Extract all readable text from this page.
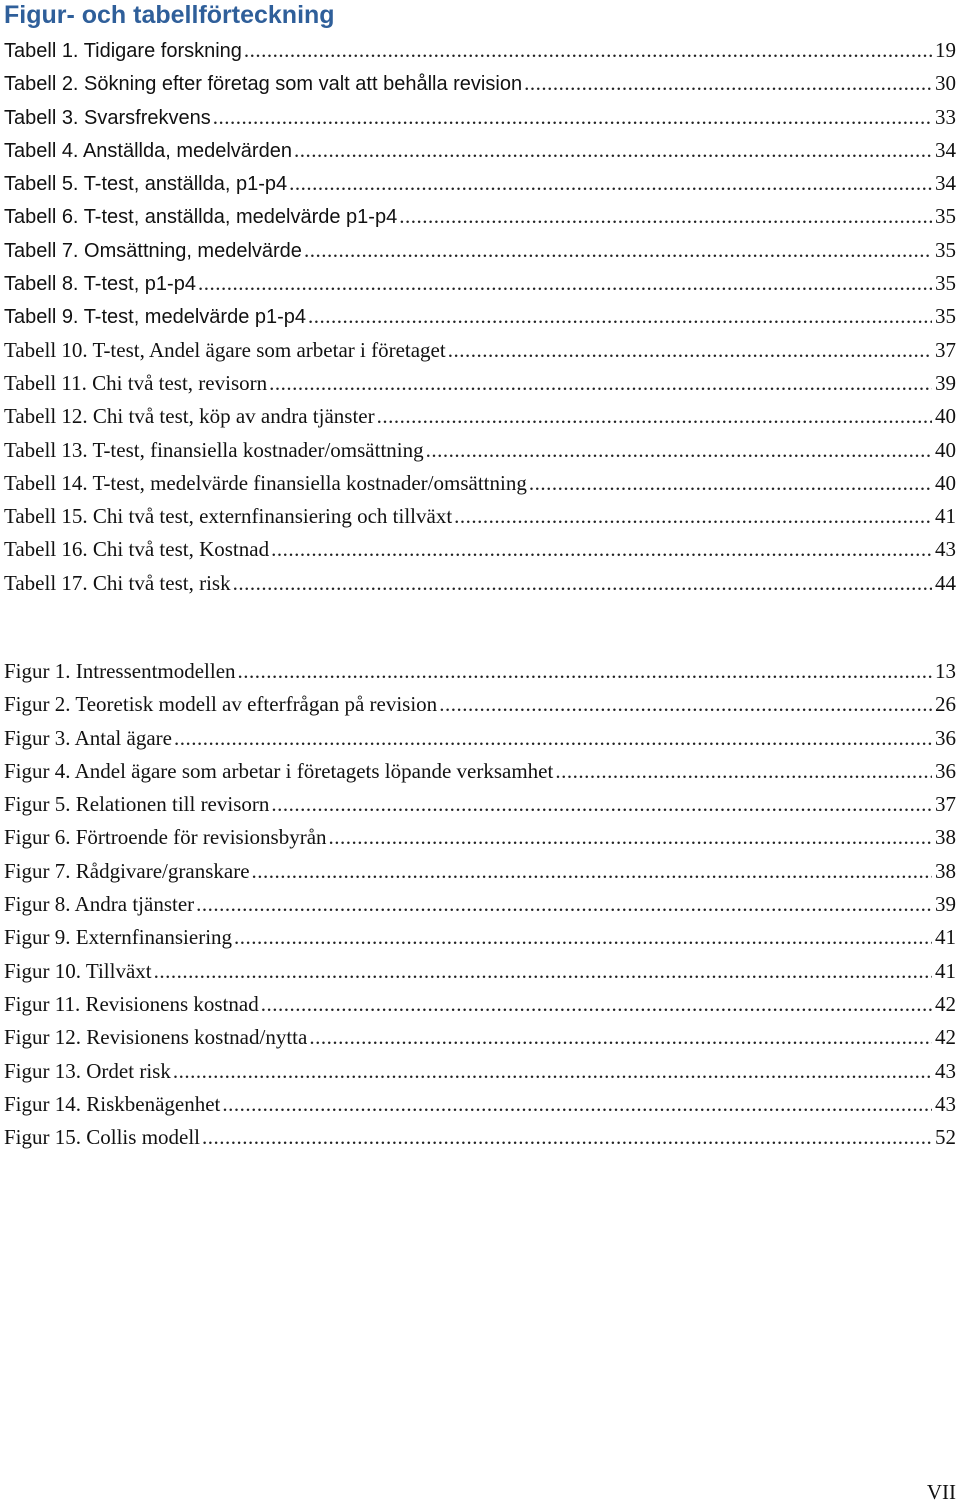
Figur- och tabellförteckning
Tabell 1. Tidigare forskning .....	19
Tabell 2. Sökning efter företag som valt att behålla revision .....	30
Tabell 3. Svarsfrekvens .....	33
Tabell 4. Anställda, medelvärden .....	34
Tabell 5. T-test, anställda, p1-p4 .....	34
Tabell 6. T-test, anställda, medelvärde p1-p4 .....	35
Tabell 7. Omsättning, medelvärde .....	35
Tabell 8. T-test, p1-p4 .....	35
Tabell 9. T-test, medelvärde p1-p4 .....	35
Tabell 10. T-test, Andel ägare som arbetar i företaget .....	37
Tabell 11. Chi två test, revisorn .....	39
Tabell 12. Chi två test, köp av andra tjänster .....	40
Tabell 13. T-test, finansiella kostnader/omsättning .....	40
Tabell 14. T-test, medelvärde finansiella kostnader/omsättning .....	40
Tabell 15. Chi två test, externfinansiering och tillväxt .....	41
Tabell 16. Chi två test, Kostnad .....	43
Tabell 17. Chi två test, risk .....	44
Figur 1. Intressentmodellen .....	13
Figur 2. Teoretisk modell av efterfrågan på revision .....	26
Figur 3. Antal ägare .....	36
Figur 4. Andel ägare som arbetar i företagets löpande verksamhet .....	36
Figur 5. Relationen till revisorn .....	37
Figur 6. Förtroende för revisionsbyrån .....	38
Figur 7. Rådgivare/granskare .....	38
Figur 8. Andra tjänster .....	39
Figur 9. Externfinansiering .....	41
Figur 10. Tillväxt .....	41
Figur 11. Revisionens kostnad .....	42
Figur 12. Revisionens kostnad/nytta .....	42
Figur 13. Ordet risk .....	43
Figur 14. Riskbenägenhet .....	43
Figur 15. Collis modell .....	52
VII
